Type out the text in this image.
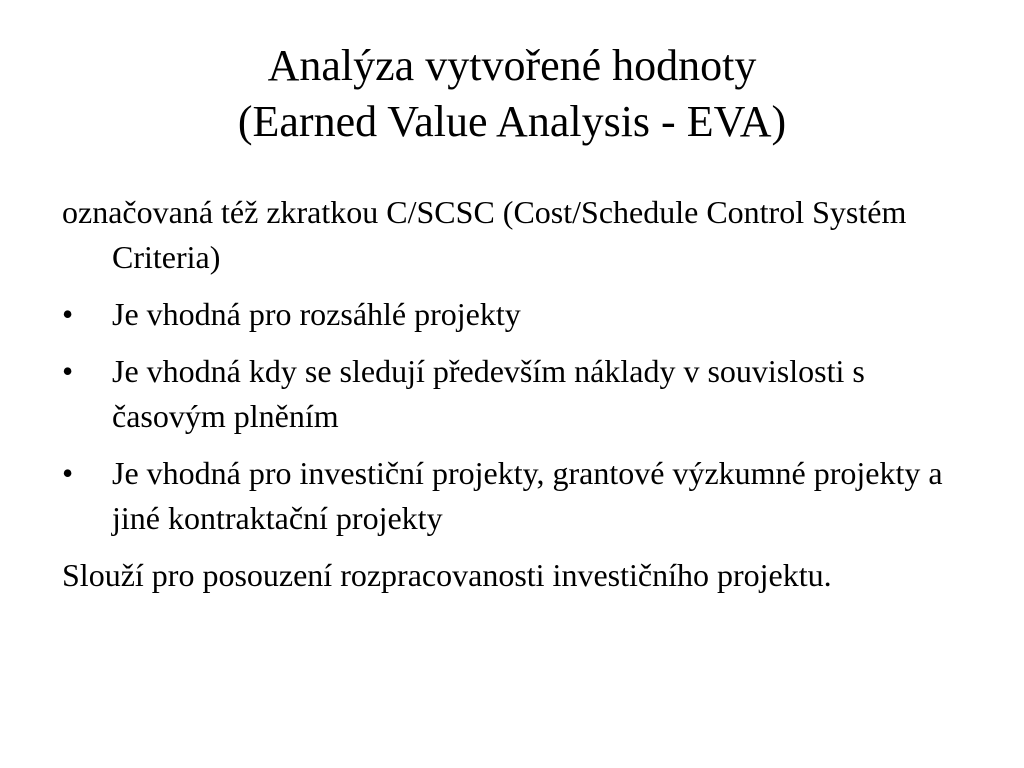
Analýza vytvořené hodnoty
(Earned Value Analysis - EVA)
označovaná též zkratkou C/SCSC (Cost/Schedule Control Systém Criteria)
•	Je vhodná pro rozsáhlé projekty
•	Je vhodná kdy se sledují především náklady v souvislosti s časovým plněním
•	Je vhodná pro investiční projekty, grantové výzkumné projekty a jiné kontraktační projekty
Slouží pro posouzení rozpracovanosti investičního projektu.
